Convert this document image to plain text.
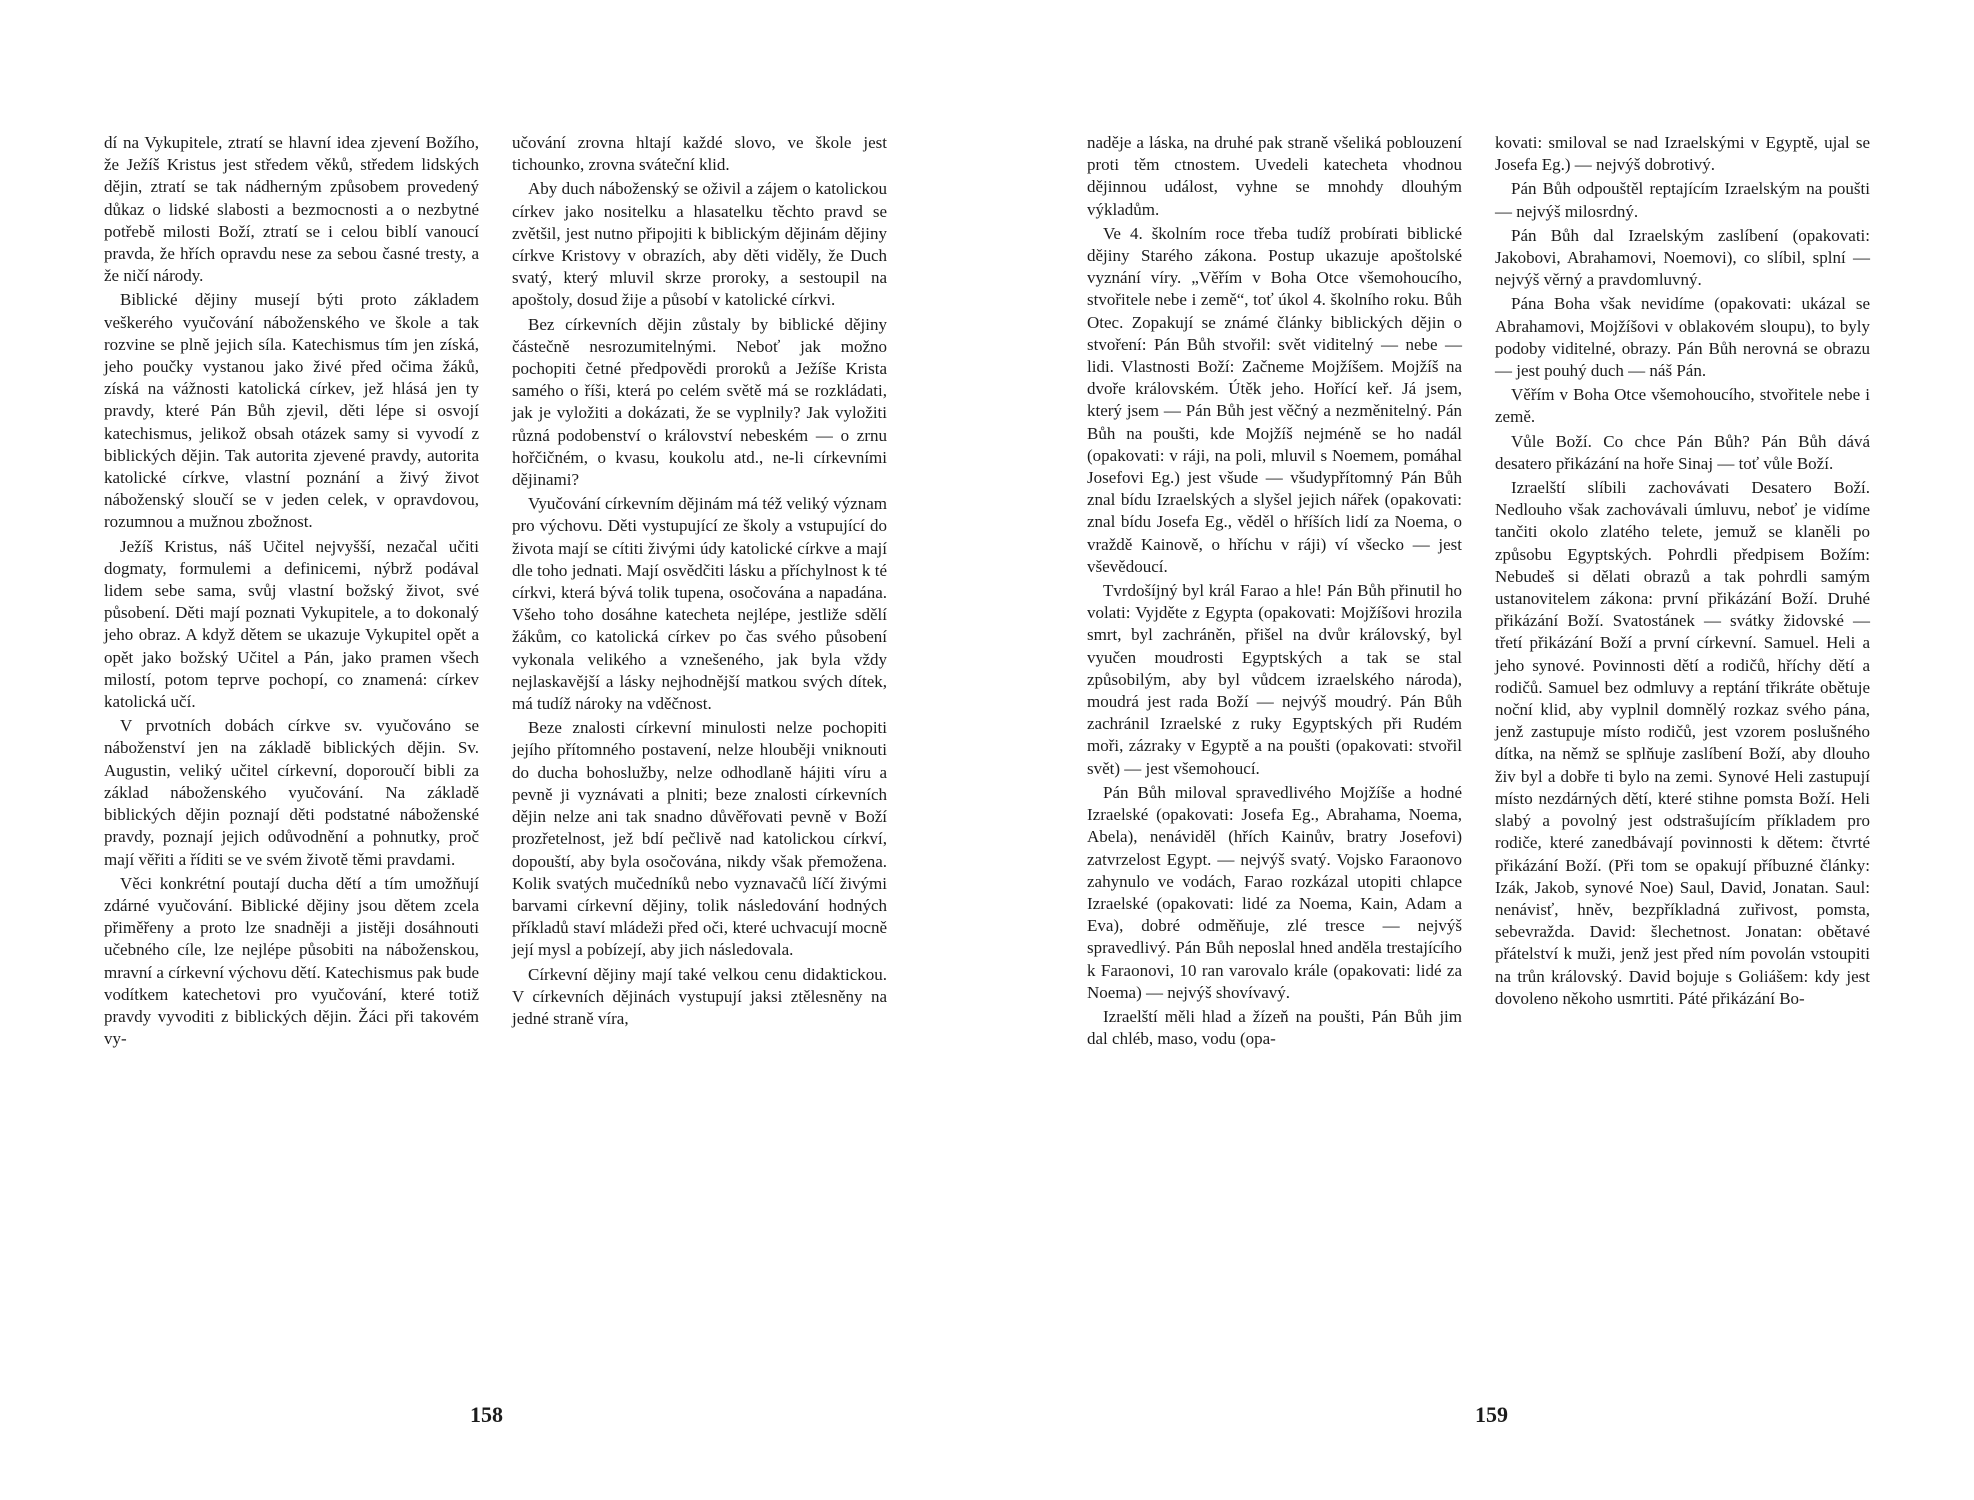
dí na Vykupitele, ztratí se hlavní idea zjevení Božího, že Ježíš Kristus jest středem věků, středem lidských dějin, ztratí se tak nádherným způsobem provedený důkaz o lidské slabosti a bezmocnosti a o nezbytné potřebě milosti Boží, ztratí se i celou biblí vanoucí pravda, že hřích opravdu nese za sebou časné tresty, a že ničí národy.

Biblické dějiny musejí býti proto základem veškerého vyučování náboženského ve škole a tak rozvine se plně jejich síla. Katechismus tím jen získá, jeho poučky vystanou jako živé před očima žáků, získá na vážnosti katolická církev, jež hlásá jen ty pravdy, které Pán Bůh zjevil, děti lépe si osvojí katechismus, jelikož obsah otázek samy si vyvodí z biblických dějin. Tak autorita zjevené pravdy, autorita katolické církve, vlastní poznání a živý život náboženský sloučí se v jeden celek, v opravdovou, rozumnou a mužnou zbožnost.

Ježíš Kristus, náš Učitel nejvyšší, nezačal učiti dogmaty, formulemi a definicemi, nýbrž podával lidem sebe sama, svůj vlastní božský život, své působení. Děti mají poznati Vykupitele, a to dokonalý jeho obraz. A když dětem se ukazuje Vykupitel opět a opět jako božský Učitel a Pán, jako pramen všech milostí, potom teprve pochopí, co znamená: církev katolická učí.

V prvotních dobách církve sv. vyučováno se náboženství jen na základě biblických dějin. Sv. Augustin, veliký učitel církevní, doporoučí bibli za základ náboženského vyučování. Na základě biblických dějin poznají děti podstatné náboženské pravdy, poznají jejich odůvodnění a pohnutky, proč mají věřiti a říditi se ve svém životě těmi pravdami.

Věci konkrétní poutají ducha dětí a tím umožňují zdárné vyučování. Biblické dějiny jsou dětem zcela přiměřeny a proto lze snadněji a jistěji dosáhnouti učebného cíle, lze nejlépe působiti na náboženskou, mravní a církevní výchovu dětí. Katechismus pak bude vodítkem katechetovi pro vyučování, které totiž pravdy vyvoditi z biblických dějin. Žáci při takovém vy-

učování zrovna hltají každé slovo, ve škole jest tichounko, zrovna sváteční klid.

Aby duch náboženský se oživil a zájem o katolickou církev jako nositelku a hlasatelku těchto pravd se zvětšil, jest nutno připojiti k biblickým dějinám dějiny církve Kristovy v obrazích, aby děti viděly, že Duch svatý, který mluvil skrze proroky, a sestoupil na apoštoly, dosud žije a působí v katolické církvi.

Bez církevních dějin zůstaly by biblické dějiny částečně nesrozumitelnými. Neboť jak možno pochopiti četné předpovědi proroků a Ježíše Krista samého o říši, která po celém světě má se rozkládati, jak je vyložiti a dokázati, že se vyplnily? Jak vyložiti různá podobenství o království nebeském — o zrnu hořčičném, o kvasu, koukolu atd., ne-li církevními dějinami?

Vyučování církevním dějinám má též veliký význam pro výchovu. Děti vystupující ze školy a vstupující do života mají se cítiti živými údy katolické církve a mají dle toho jednati. Mají osvědčiti lásku a příchylnost k té církvi, která bývá tolik tupena, osočována a napadána. Všeho toho dosáhne katecheta nejlépe, jestliže sdělí žákům, co katolická církev po čas svého působení vykonala velikého a vznešeného, jak byla vždy nejlaskavější a lásky nejhodnější matkou svých dítek, má tudíž nároky na vděčnost.

Beze znalosti církevní minulosti nelze pochopiti jejího přítomného postavení, nelze hlouběji vniknouti do ducha bohoslužby, nelze odhodlaně hájiti víru a pevně ji vyznávati a plniti; beze znalosti církevních dějin nelze ani tak snadno důvěřovati pevně v Boží prozřetelnost, jež bdí pečlivě nad katolickou církví, dopouští, aby byla osočována, nikdy však přemožena. Kolik svatých mučedníků nebo vyznavačů líčí živými barvami církevní dějiny, tolik následování hodných příkladů staví mládeži před oči, které uchvacují mocně její mysl a pobízejí, aby jich následovala.

Církevní dějiny mají také velkou cenu didaktickou. V církevních dějinách vystupují jaksi ztělesněny na jedné straně víra,

158

naděje a láska, na druhé pak straně všeliká poblouzení proti těm ctnostem. Uvedeli katecheta vhodnou dějinnou událost, vyhne se mnohdy dlouhým výkladům.

Ve 4. školním roce třeba tudíž probírati biblické dějiny Starého zákona. Postup ukazuje apoštolské vyznání víry. „Věřím v Boha Otce všemohoucího, stvořitele nebe i země“, toť úkol 4. školního roku. Bůh Otec. Zopakují se známé články biblických dějin o stvoření: Pán Bůh stvořil: svět viditelný — nebe — lidi. Vlastnosti Boží: Začneme Mojžíšem. Mojžíš na dvoře královském. Útěk jeho. Hořící keř. Já jsem, který jsem — Pán Bůh jest věčný a nezměnitelný. Pán Bůh na poušti, kde Mojžíš nejméně se ho nadál (opakovati: v ráji, na poli, mluvil s Noemem, pomáhal Josefovi Eg.) jest všude — všudypřítomný Pán Bůh znal bídu Izraelských a slyšel jejich nářek (opakovati: znal bídu Josefa Eg., věděl o hříších lidí za Noema, o vraždě Kainově, o hříchu v ráji) ví všecko — jest vševědoucí.

Tvrdošíjný byl král Farao a hle! Pán Bůh přinutil ho volati: Vyjděte z Egypta (opakovati: Mojžíšovi hrozila smrt, byl zachráněn, přišel na dvůr královský, byl vyučen moudrosti Egyptských a tak se stal způsobilým, aby byl vůdcem izraelského národa), moudrá jest rada Boží — nejvýš moudrý. Pán Bůh zachránil Izraelské z ruky Egyptských při Rudém moři, zázraky v Egyptě a na poušti (opakovati: stvořil svět) — jest všemohoucí.

Pán Bůh miloval spravedlivého Mojžíše a hodné Izraelské (opakovati: Josefa Eg., Abrahama, Noema, Abela), nenáviděl (hřích Kainův, bratry Josefovi) zatvrzelost Egypt. — nejvýš svatý. Vojsko Faraonovo zahynulo ve vodách, Farao rozkázal utopiti chlapce Izraelské (opakovati: lidé za Noema, Kain, Adam a Eva), dobré odměňuje, zlé tresce — nejvýš spravedlivý. Pán Bůh neposlal hned anděla trestajícího k Faraonovi, 10 ran varovalo krále (opakovati: lidé za Noema) — nejvýš shovívavý.

Izraelští měli hlad a žízeň na poušti, Pán Bůh jim dal chléb, maso, vodu (opa-

kovati: smiloval se nad Izraelskými v Egyptě, ujal se Josefa Eg.) — nejvýš dobrotivý.

Pán Bůh odpouštěl reptajícím Izraelským na poušti — nejvýš milosrdný.

Pán Bůh dal Izraelským zaslíbení (opakovati: Jakobovi, Abrahamovi, Noemovi), co slíbil, splní — nejvýš věrný a pravdomluvný.

Pána Boha však nevidíme (opakovati: ukázal se Abrahamovi, Mojžíšovi v oblakovém sloupu), to byly podoby viditelné, obrazy. Pán Bůh nerovná se obrazu — jest pouhý duch — náš Pán.

Věřím v Boha Otce všemohoucího, stvořitele nebe i země.

Vůle Boží. Co chce Pán Bůh? Pán Bůh dává desatero přikázání na hoře Sinaj — toť vůle Boží.

Izraelští slíbili zachovávati Desatero Boží. Nedlouho však zachovávali úmluvu, neboť je vidíme tančiti okolo zlatého telete, jemuž se klaněli po způsobu Egyptských. Pohrdli předpisem Božím: Nebudeš si dělati obrazů a tak pohrdli samým ustanovitelem zákona: první přikázání Boží. Druhé přikázání Boží. Svatostánek — svátky židovské — třetí přikázání Boží a první církevní. Samuel. Heli a jeho synové. Povinnosti dětí a rodičů, hříchy dětí a rodičů. Samuel bez odmluvy a reptání třikráte obětuje noční klid, aby vyplnil domnělý rozkaz svého pána, jenž zastupuje místo rodičů, jest vzorem poslušného dítka, na němž se splňuje zaslíbení Boží, aby dlouho živ byl a dobře ti bylo na zemi. Synové Heli zastupují místo nezdárných dětí, které stihne pomsta Boží. Heli slabý a povolný jest odstrašujícím příkladem pro rodiče, které zanedbávají povinnosti k dětem: čtvrté přikázání Boží. (Při tom se opakují příbuzné články: Izák, Jakob, synové Noe) Saul, David, Jonatan. Saul: nenávisť, hněv, bezpříkladná zuřivost, pomsta, sebevražda. David: šlechetnost. Jonatan: obětavé přátelství k muži, jenž jest před ním povolán vstoupiti na trůn královský. David bojuje s Goliášem: kdy jest dovoleno někoho usmrtiti. Páté přikázání Bo-

159
